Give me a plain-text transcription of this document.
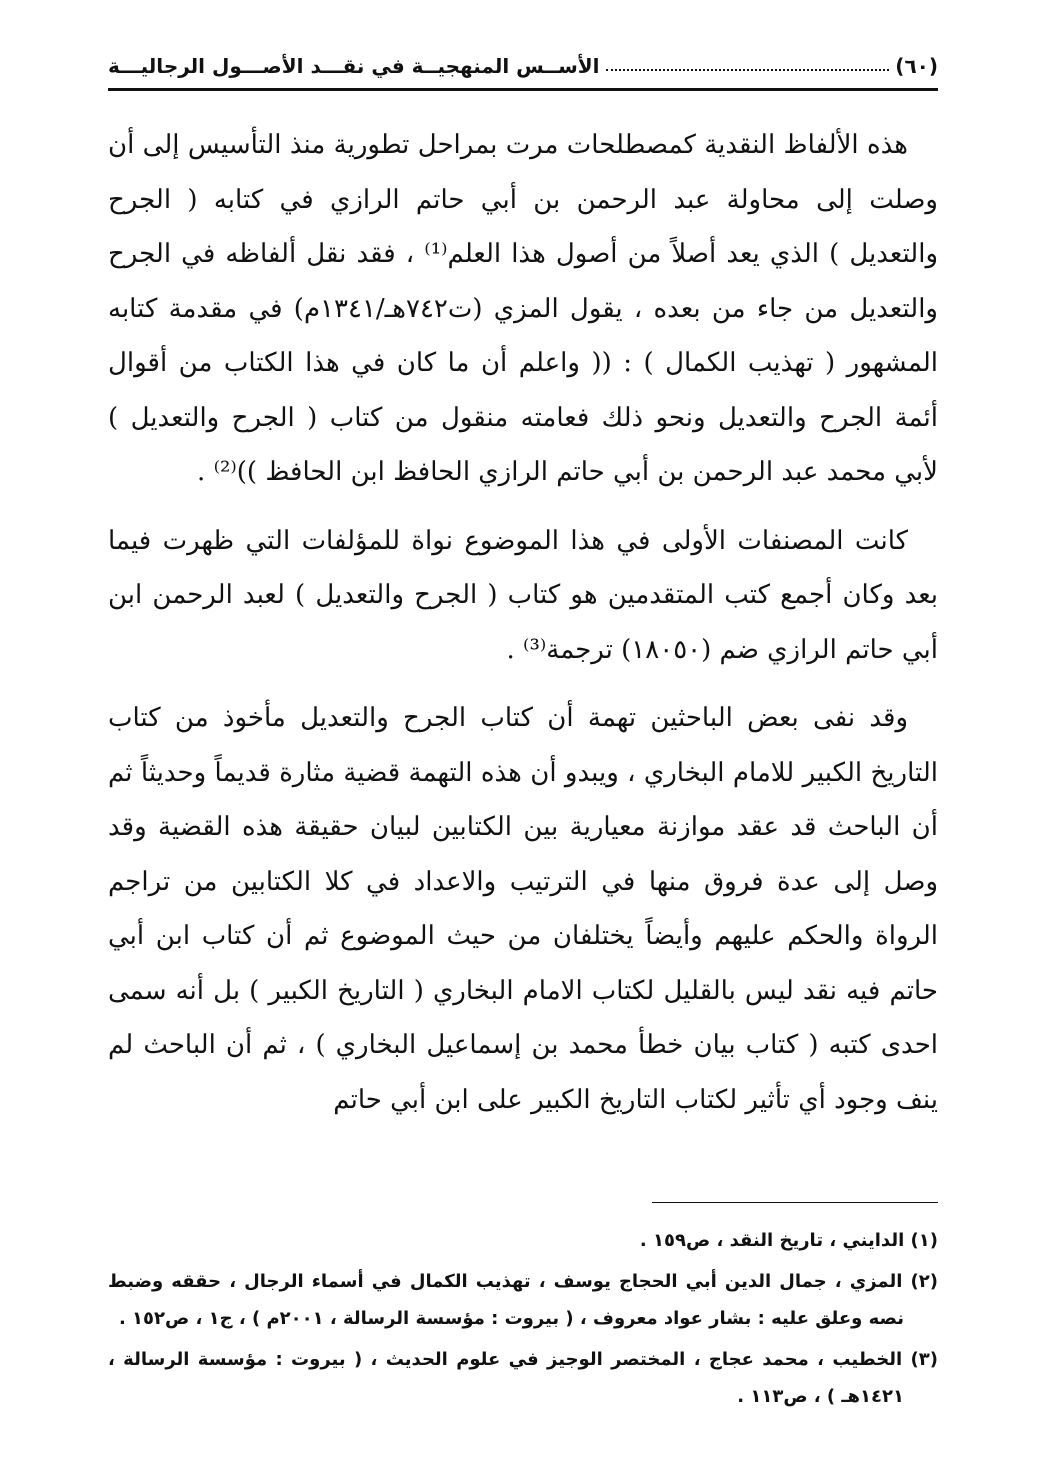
(٦٠)
الأســس المنهجيــة في نقـــد الأصـــول الرجاليـــة

هذه الألفاظ النقدية كمصطلحات مرت بمراحل تطورية منذ التأسيس إلى أن وصلت إلى محاولة عبد الرحمن بن أبي حاتم الرازي في كتابه ( الجرح والتعديل ) الذي يعد أصلاً من أصول هذا العلم⁽¹⁾ ، فقد نقل ألفاظه في الجرح والتعديل من جاء من بعده ، يقول المزي (ت٧٤٢هـ/١٣٤١م) في مقدمة كتابه المشهور ( تهذيب الكمال ) : (( واعلم أن ما كان في هذا الكتاب من أقوال أئمة الجرح والتعديل ونحو ذلك فعامته منقول من كتاب ( الجرح والتعديل ) لأبي محمد عبد الرحمن بن أبي حاتم الرازي الحافظ ابن الحافظ ))⁽²⁾ .

كانت المصنفات الأولى في هذا الموضوع نواة للمؤلفات التي ظهرت فيما بعد وكان أجمع كتب المتقدمين هو كتاب ( الجرح والتعديل ) لعبد الرحمن ابن أبي حاتم الرازي ضم (١٨٠٥٠) ترجمة⁽³⁾ .

وقد نفى بعض الباحثين تهمة أن كتاب الجرح والتعديل مأخوذ من كتاب التاريخ الكبير للامام البخاري ، ويبدو أن هذه التهمة قضية مثارة قديماً وحديثاً ثم أن الباحث قد عقد موازنة معيارية بين الكتابين لبيان حقيقة هذه القضية وقد وصل إلى عدة فروق منها في الترتيب والاعداد في كلا الكتابين من تراجم الرواة والحكم عليهم وأيضاً يختلفان من حيث الموضوع ثم أن كتاب ابن أبي حاتم فيه نقد ليس بالقليل لكتاب الامام البخاري ( التاريخ الكبير ) بل أنه سمى احدى كتبه ( كتاب بيان خطأ محمد بن إسماعيل البخاري ) ، ثم أن الباحث لم ينف وجود أي تأثير لكتاب التاريخ الكبير على ابن أبي حاتم

(١) الدايني ، تاريخ النقد ، ص١٥٩ .

(٢) المزي ، جمال الدين أبي الحجاج يوسف ، تهذيب الكمال في أسماء الرجال ، حققه وضبط نصه وعلق عليه : بشار عواد معروف ، ( بيروت : مؤسسة الرسالة ، ٢٠٠١م ) ، ج١ ، ص١٥٢ .

(٣) الخطيب ، محمد عجاج ، المختصر الوجيز في علوم الحديث ، ( بيروت : مؤسسة الرسالة ، ١٤٢١هـ ) ، ص١١٣ .
